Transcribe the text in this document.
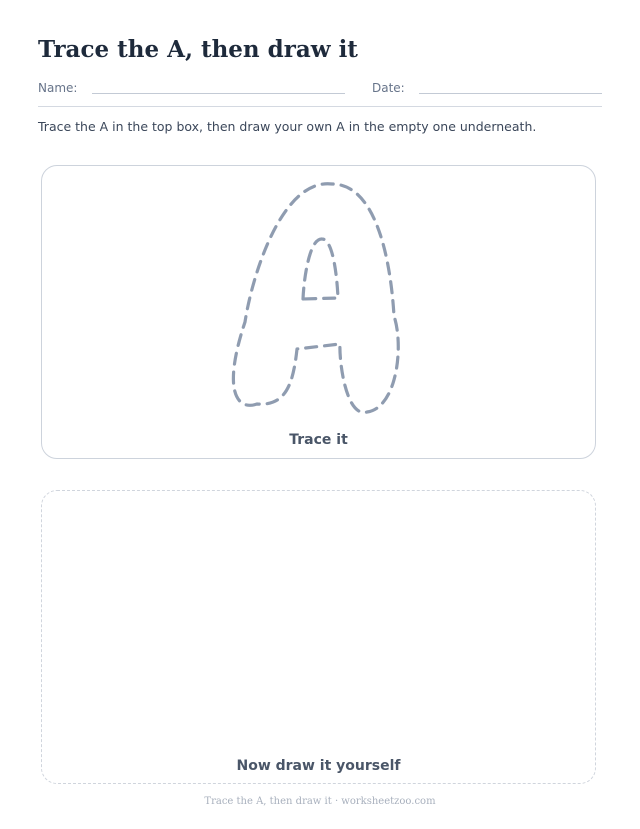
Trace the A, then draw it
Name:	Date:
Trace the A in the top box, then draw your own A in the empty one underneath.
Trace it
Now draw it yourself
Trace the A, then draw it · worksheetzoo.com
